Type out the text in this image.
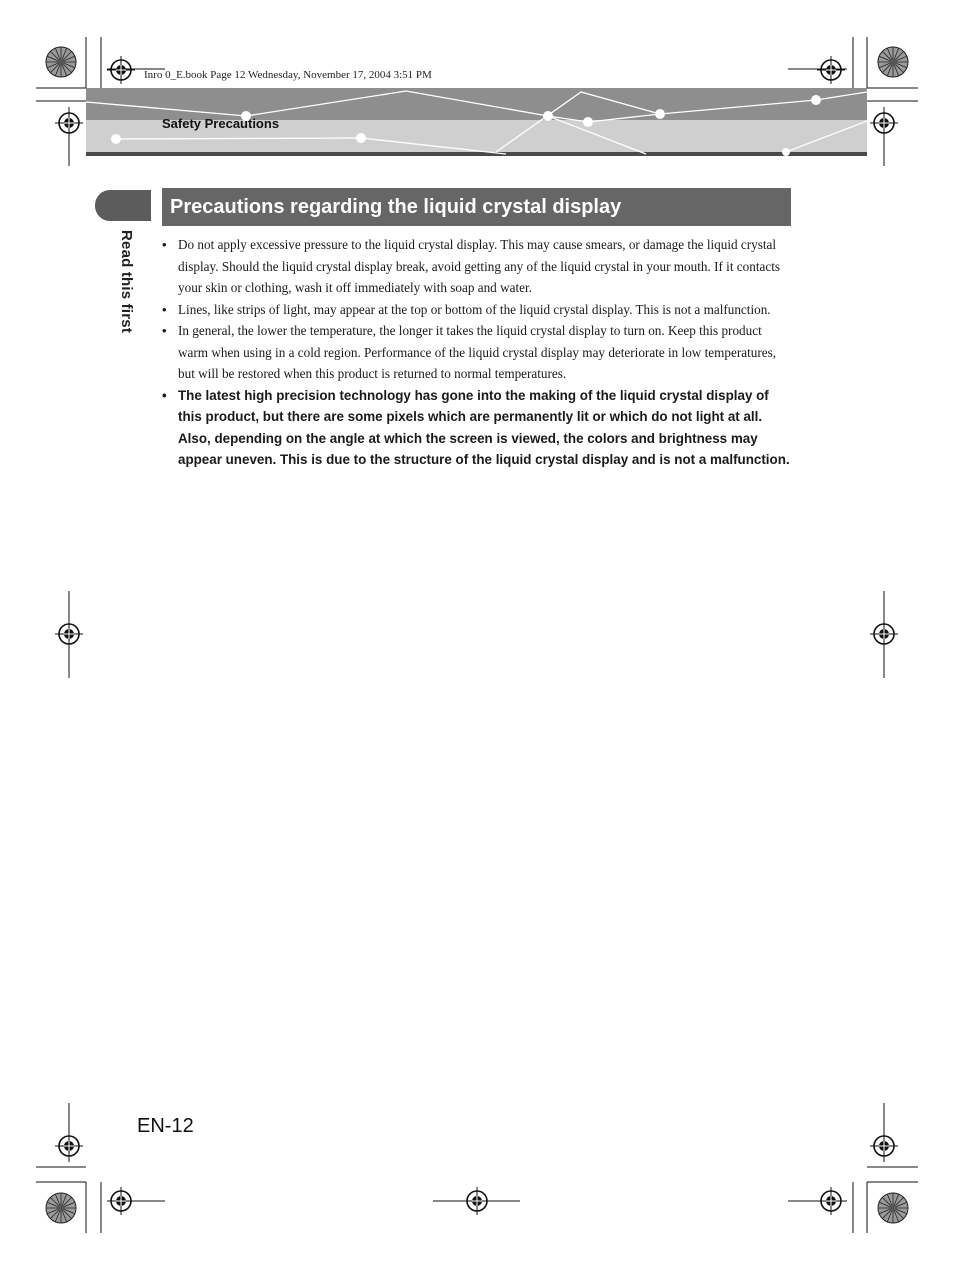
Inro 0_E.book Page 12 Wednesday, November 17, 2004 3:51 PM
Safety Precautions
Read this first
Precautions regarding the liquid crystal display
• Do not apply excessive pressure to the liquid crystal display. This may cause smears, or damage the liquid crystal display. Should the liquid crystal display break, avoid getting any of the liquid crystal in your mouth. If it contacts your skin or clothing, wash it off immediately with soap and water.
• Lines, like strips of light, may appear at the top or bottom of the liquid crystal display. This is not a malfunction.
• In general, the lower the temperature, the longer it takes the liquid crystal display to turn on. Keep this product warm when using in a cold region. Performance of the liquid crystal display may deteriorate in low temperatures, but will be restored when this product is returned to normal temperatures.
• The latest high precision technology has gone into the making of the liquid crystal display of this product, but there are some pixels which are permanently lit or which do not light at all. Also, depending on the angle at which the screen is viewed, the colors and brightness may appear uneven. This is due to the structure of the liquid crystal display and is not a malfunction.
EN-12
